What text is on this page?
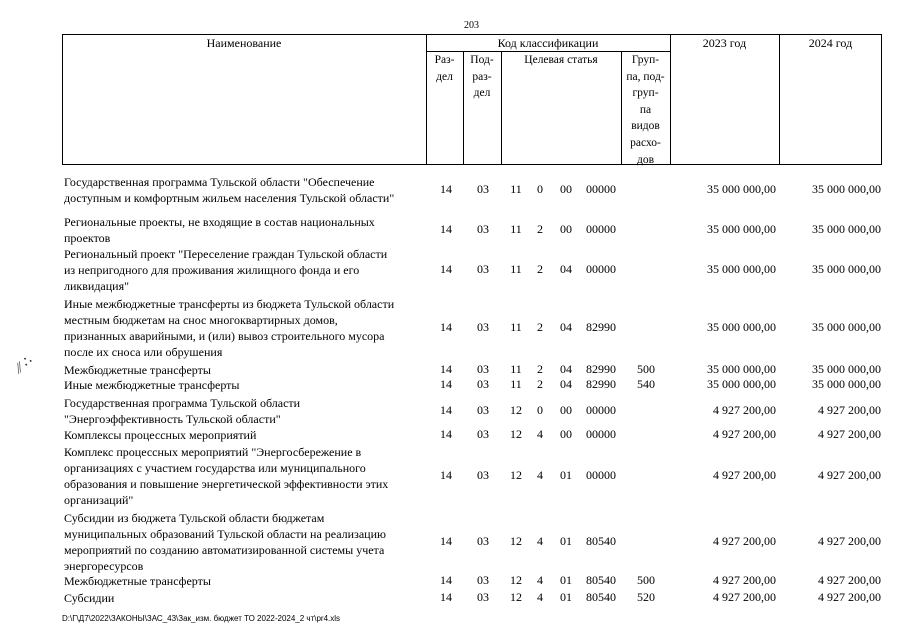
203
Наименование	Код классификации	2023 год	2024 год
Раз-
дел
Под-
раз-
дел
Целевая статья	Груп-
па, под-
груп-
па
видов
расхо-
дов
Государственная программа Тульской области "Обеспечение
доступным и комфортным жильем населения Тульской области"
14	03	11 0 00 00000	35 000 000,00	35 000 000,00
Региональные проекты, не входящие в состав национальных
проектов
14	03	11 2 00 00000	35 000 000,00	35 000 000,00
Региональный проект "Переселение граждан Тульской области
из непригодного для проживания жилищного фонда и его
ликвидация"
14	03	11 2 04 00000	35 000 000,00	35 000 000,00
Иные межбюджетные трансферты из бюджета Тульской области
местным бюджетам на снос многоквартирных домов,
признанных аварийными, и (или) вывоз строительного мусора
после их сноса или обрушения
14	03	11 2 04 82990	35 000 000,00	35 000 000,00
Межбюджетные трансферты	14	03	11 2 04 82990	500	35 000 000,00	35 000 000,00
Иные межбюджетные трансферты	14	03	11 2 04 82990	540	35 000 000,00	35 000 000,00
Государственная программа Тульской области
"Энергоэффективность Тульской области"
14	03	12 0 00 00000	4 927 200,00	4 927 200,00
Комплексы процессных мероприятий	14	03	12 4 00 00000	4 927 200,00	4 927 200,00
Комплекс процессных мероприятий "Энергосбережение в
организациях с участием государства или муниципального
образования и повышение энергетической эффективности этих
организаций"
14	03	12 4 01 00000	4 927 200,00	4 927 200,00
Субсидии из бюджета Тульской области бюджетам
муниципальных образований Тульской области на реализацию
мероприятий по созданию автоматизированной системы учета
энергоресурсов
14	03	12 4 01 80540	4 927 200,00	4 927 200,00
Межбюджетные трансферты	14	03	12 4 01 80540	500	4 927 200,00	4 927 200,00
Субсидии	14	03	12 4 01 80540	520	4 927 200,00	4 927 200,00
∕∕ ∴
D:\Г\Д7\2022\ЗАКОНЫ\ЗАС_43\Зак_изм. бюджет ТО 2022-2024_2 чт\pr4.xls
